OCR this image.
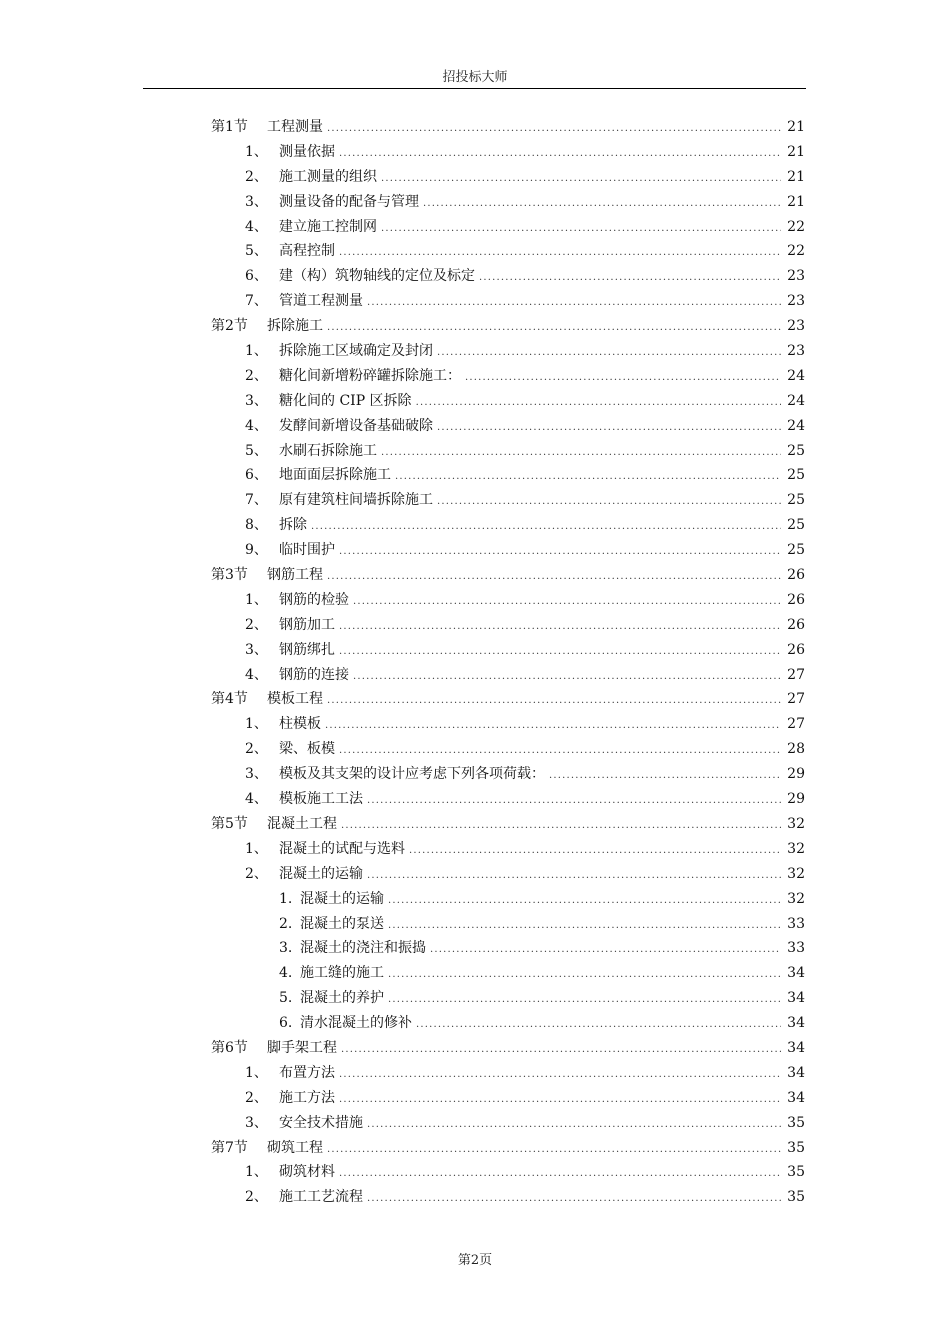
招投标大师
第1节	工程测量 .....	21
1、 测量依据 .....	21
2、 施工测量的组织 .....	21
3、 测量设备的配备与管理 .....	21
4、 建立施工控制网 .....	22
5、 高程控制 .....	22
6、 建（构）筑物轴线的定位及标定 .....	23
7、 管道工程测量 .....	23
第2节	拆除施工 .....	23
1、 拆除施工区域确定及封闭 .....	23
2、 糖化间新增粉碎罐拆除施工： .....	24
3、 糖化间的 CIP 区拆除 .....	24
4、 发酵间新增设备基础破除 .....	24
5、 水刷石拆除施工 .....	25
6、 地面面层拆除施工 .....	25
7、 原有建筑柱间墙拆除施工 .....	25
8、 拆除 .....	25
9、 临时围护 .....	25
第3节	钢筋工程 .....	26
1、 钢筋的检验 .....	26
2、 钢筋加工 .....	26
3、 钢筋绑扎 .....	26
4、 钢筋的连接 .....	27
第4节	模板工程 .....	27
1、 柱模板 .....	27
2、 梁、板模 .....	28
3、 模板及其支架的设计应考虑下列各项荷载： .....	29
4、 模板施工工法 .....	29
第5节	混凝土工程 .....	32
1、 混凝土的试配与选料 .....	32
2、 混凝土的运输 .....	32
1. 混凝土的运输 .....	32
2. 混凝土的泵送 .....	33
3. 混凝土的浇注和振捣 .....	33
4. 施工缝的施工 .....	34
5. 混凝土的养护 .....	34
6. 清水混凝土的修补 .....	34
第6节	脚手架工程 .....	34
1、 布置方法 .....	34
2、 施工方法 .....	34
3、 安全技术措施 .....	35
第7节	砌筑工程 .....	35
1、 砌筑材料 .....	35
2、 施工工艺流程 .....	35
第2页
